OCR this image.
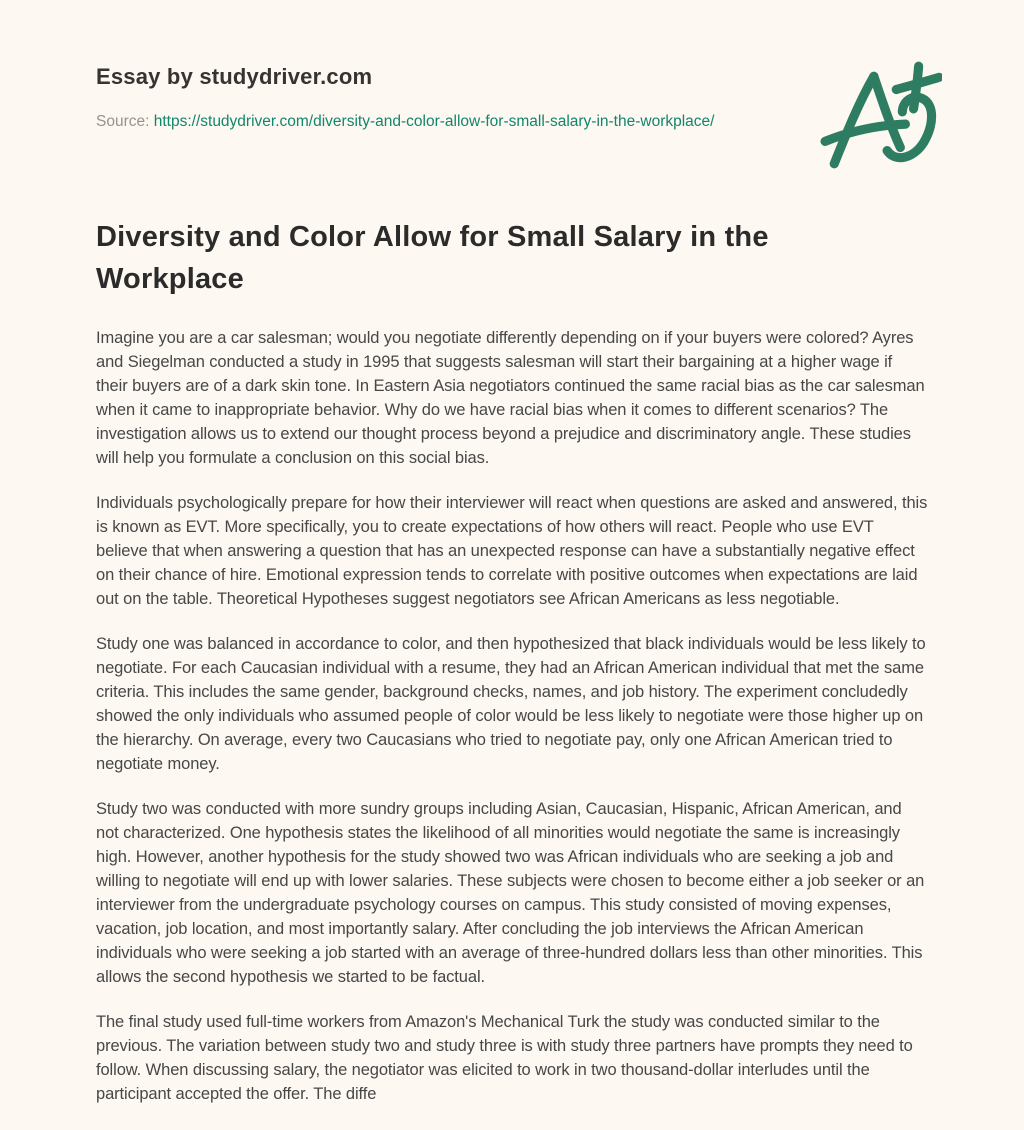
Essay by studydriver.com
Source: https://studydriver.com/diversity-and-color-allow-for-small-salary-in-the-workplace/
Diversity and Color Allow for Small Salary in the Workplace

Imagine you are a car salesman; would you negotiate differently depending on if your buyers were colored? Ayres and Siegelman conducted a study in 1995 that suggests salesman will start their bargaining at a higher wage if their buyers are of a dark skin tone. In Eastern Asia negotiators continued the same racial bias as the car salesman when it came to inappropriate behavior. Why do we have racial bias when it comes to different scenarios? The investigation allows us to extend our thought process beyond a prejudice and discriminatory angle. These studies will help you formulate a conclusion on this social bias.

Individuals psychologically prepare for how their interviewer will react when questions are asked and answered, this is known as EVT. More specifically, you to create expectations of how others will react. People who use EVT believe that when answering a question that has an unexpected response can have a substantially negative effect on their chance of hire. Emotional expression tends to correlate with positive outcomes when expectations are laid out on the table. Theoretical Hypotheses suggest negotiators see African Americans as less negotiable.

Study one was balanced in accordance to color, and then hypothesized that black individuals would be less likely to negotiate. For each Caucasian individual with a resume, they had an African American individual that met the same criteria. This includes the same gender, background checks, names, and job history. The experiment concludedly showed the only individuals who assumed people of color would be less likely to negotiate were those higher up on the hierarchy. On average, every two Caucasians who tried to negotiate pay, only one African American tried to negotiate money.

Study two was conducted with more sundry groups including Asian, Caucasian, Hispanic, African American, and not characterized. One hypothesis states the likelihood of all minorities would negotiate the same is increasingly high. However, another hypothesis for the study showed two was African individuals who are seeking a job and willing to negotiate will end up with lower salaries. These subjects were chosen to become either a job seeker or an interviewer from the undergraduate psychology courses on campus. This study consisted of moving expenses, vacation, job location, and most importantly salary. After concluding the job interviews the African American individuals who were seeking a job started with an average of three-hundred dollars less than other minorities. This allows the second hypothesis we started to be factual.

The final study used full-time workers from Amazon's Mechanical Turk the study was conducted similar to the previous. The variation between study two and study three is with study three partners have prompts they need to follow. When discussing salary, the negotiator was elicited to work in two thousand-dollar interludes until the participant accepted the offer. The diffe
